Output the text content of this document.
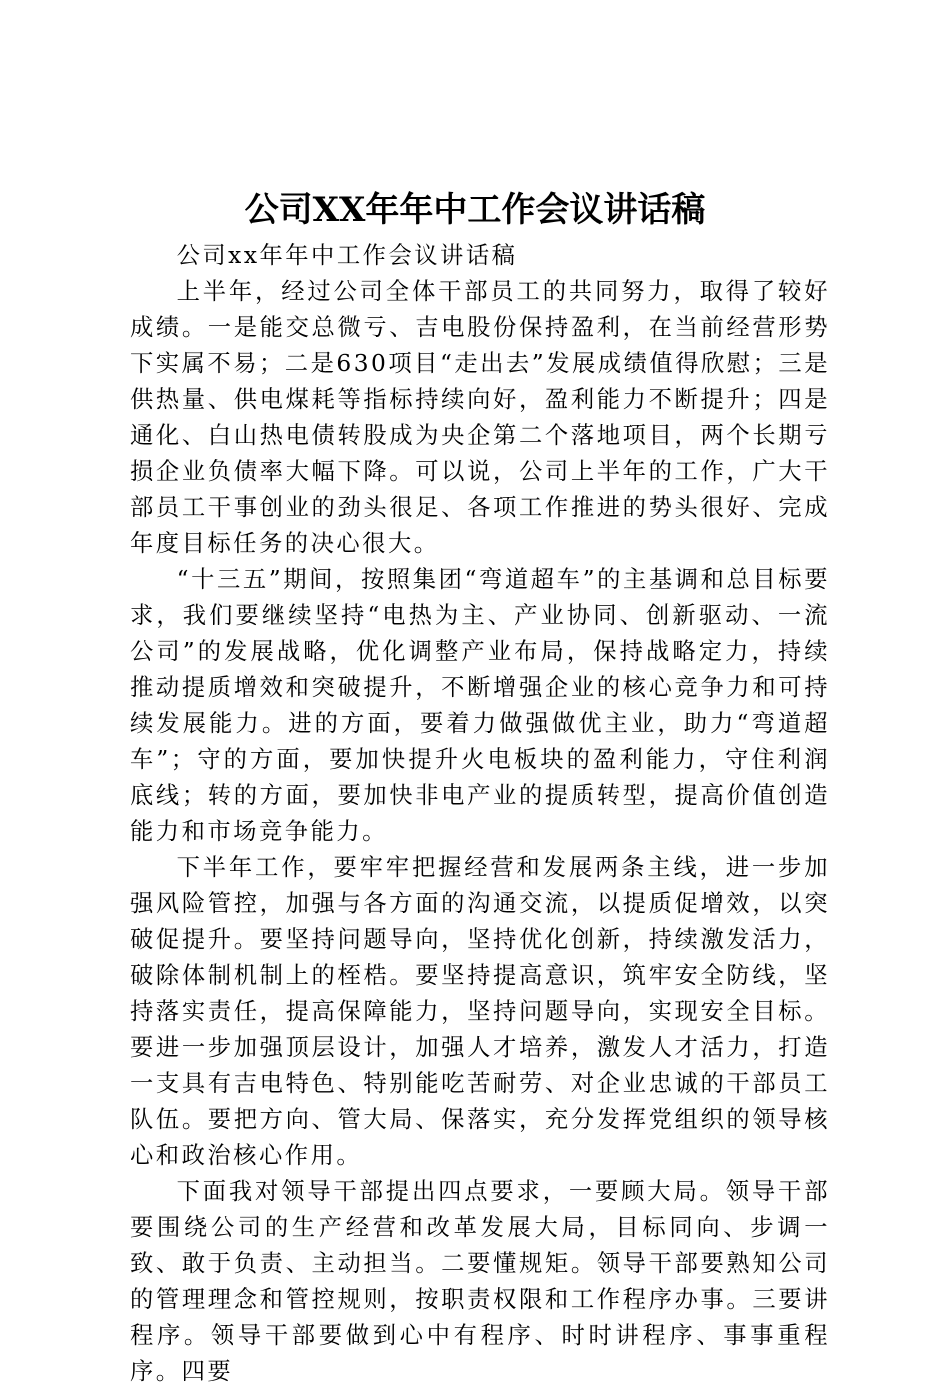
公司XX年年中工作会议讲话稿

公司xx年年中工作会议讲话稿

上半年，经过公司全体干部员工的共同努力，取得了较好成绩。一是能交总微亏、吉电股份保持盈利，在当前经营形势下实属不易；二是630项目“走出去”发展成绩值得欣慰；三是供热量、供电煤耗等指标持续向好，盈利能力不断提升；四是通化、白山热电债转股成为央企第二个落地项目，两个长期亏损企业负债率大幅下降。可以说，公司上半年的工作，广大干部员工干事创业的劲头很足、各项工作推进的势头很好、完成年度目标任务的决心很大。

“十三五”期间，按照集团“弯道超车”的主基调和总目标要求，我们要继续坚持“电热为主、产业协同、创新驱动、一流公司”的发展战略，优化调整产业布局，保持战略定力，持续推动提质增效和突破提升，不断增强企业的核心竞争力和可持续发展能力。进的方面，要着力做强做优主业，助力“弯道超车”；守的方面，要加快提升火电板块的盈利能力，守住利润底线；转的方面，要加快非电产业的提质转型，提高价值创造能力和市场竞争能力。

下半年工作，要牢牢把握经营和发展两条主线，进一步加强风险管控，加强与各方面的沟通交流，以提质促增效，以突破促提升。要坚持问题导向，坚持优化创新，持续激发活力，破除体制机制上的桎梏。要坚持提高意识，筑牢安全防线，坚持落实责任，提高保障能力，坚持问题导向，实现安全目标。要进一步加强顶层设计，加强人才培养，激发人才活力，打造一支具有吉电特色、特别能吃苦耐劳、对企业忠诚的干部员工队伍。要把方向、管大局、保落实，充分发挥党组织的领导核心和政治核心作用。

下面我对领导干部提出四点要求，一要顾大局。领导干部要围绕公司的生产经营和改革发展大局，目标同向、步调一致、敢于负责、主动担当。二要懂规矩。领导干部要熟知公司的管理理念和管控规则，按职责权限和工作程序办事。三要讲程序。领导干部要做到心中有程序、时时讲程序、事事重程序。四要
